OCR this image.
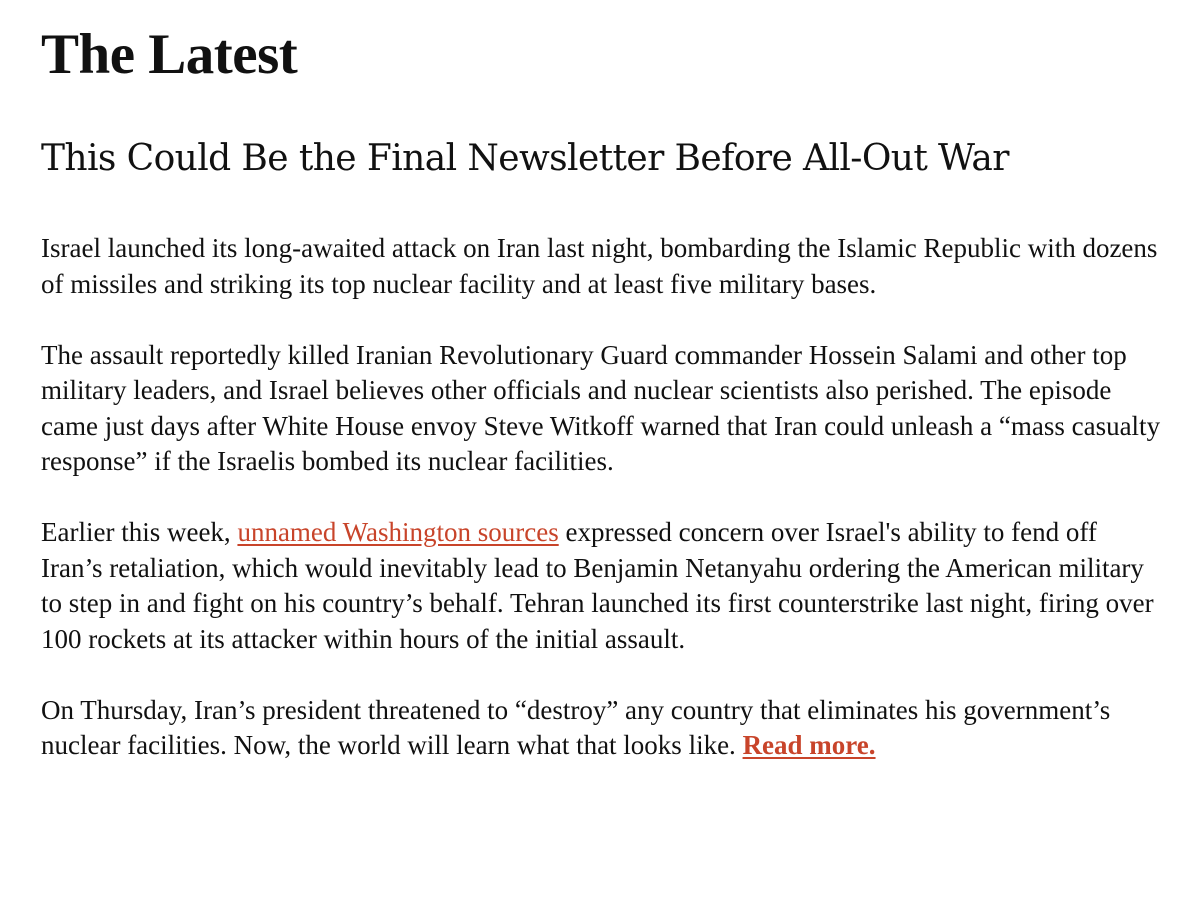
The Latest
This Could Be the Final Newsletter Before All-Out War

Israel launched its long-awaited attack on Iran last night, bombarding the Islamic Republic with dozens of missiles and striking its top nuclear facility and at least five military bases.

The assault reportedly killed Iranian Revolutionary Guard commander Hossein Salami and other top military leaders, and Israel believes other officials and nuclear scientists also perished. The episode came just days after White House envoy Steve Witkoff warned that Iran could unleash a “mass casualty response” if the Israelis bombed its nuclear facilities.

Earlier this week, unnamed Washington sources expressed concern over Israel's ability to fend off Iran’s retaliation, which would inevitably lead to Benjamin Netanyahu ordering the American military to step in and fight on his country’s behalf. Tehran launched its first counterstrike last night, firing over 100 rockets at its attacker within hours of the initial assault.

On Thursday, Iran’s president threatened to “destroy” any country that eliminates his government’s nuclear facilities. Now, the world will learn what that looks like. Read more.
